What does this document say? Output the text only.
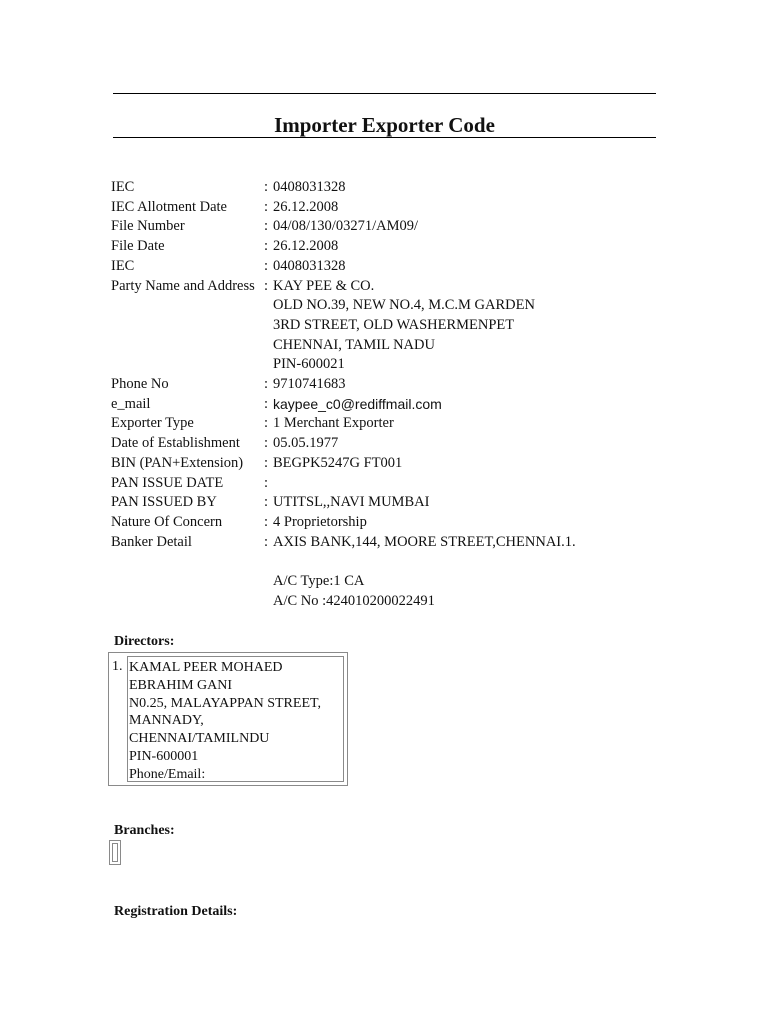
Importer Exporter Code
IEC	: 0408031328
IEC Allotment Date	: 26.12.2008
File Number	: 04/08/130/03271/AM09/
File Date	: 26.12.2008
IEC	: 0408031328
Party Name and Address : KAY PEE & CO.
OLD NO.39, NEW NO.4, M.C.M GARDEN
3RD STREET, OLD WASHERMENPET
CHENNAI, TAMIL NADU
PIN-600021
Phone No	: 9710741683
e_mail	: kaypee_c0@rediffmail.com
Exporter Type	: 1 Merchant Exporter
Date of Establishment	: 05.05.1977
BIN (PAN+Extension)	: BEGPK5247G FT001
PAN ISSUE DATE	:

PAN ISSUED BY	: UTITSL,,NAVI MUMBAI
Nature Of Concern	: 4 Proprietorship
Banker Detail	: AXIS BANK,144, MOORE STREET,CHENNAI.1.

A/C Type:1 CA
A/C No :424010200022491
Directors:
1. KAMAL PEER MOHAED
EBRAHIM GANI
N0.25, MALAYAPPAN STREET,
MANNADY,
CHENNAI/TAMILNDU
PIN-600001
Phone/Email:
Branches:
Registration Details:
